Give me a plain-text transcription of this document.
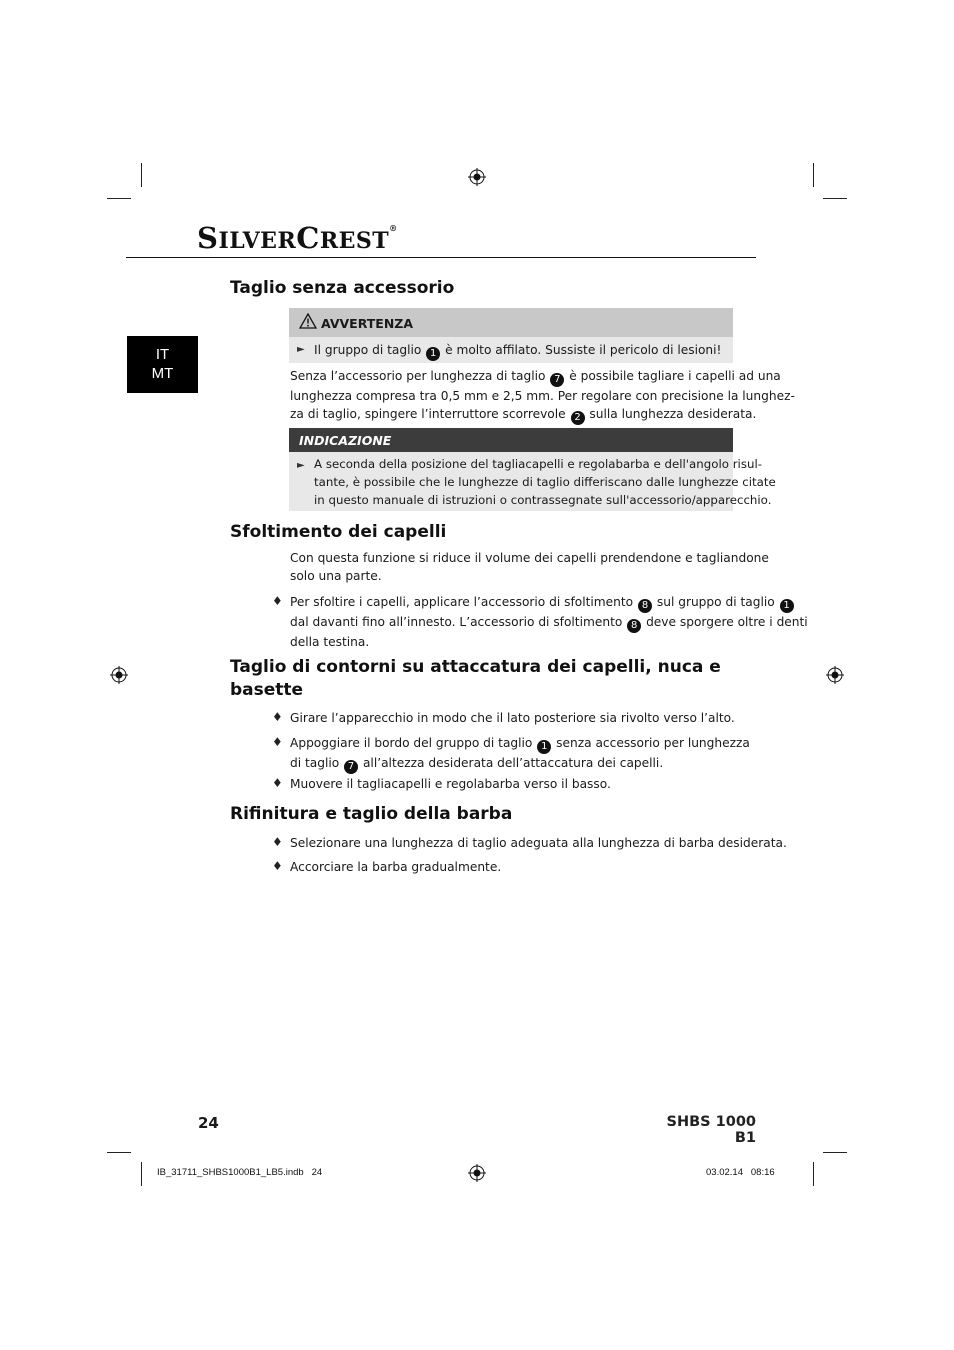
SILVERCREST®
IT
MT
Taglio senza accessorio
AVVERTENZA
► Il gruppo di taglio 1 è molto affilato. Sussiste il pericolo di lesioni!
Senza l’accessorio per lunghezza di taglio 7 è possibile tagliare i capelli ad una
lunghezza compresa tra 0,5 mm e 2,5 mm. Per regolare con precisione la lunghez-
za di taglio, spingere l’interruttore scorrevole 2 sulla lunghezza desiderata.
INDICAZIONE
► A seconda della posizione del tagliacapelli e regolabarba e dell'angolo risul-
tante, è possibile che le lunghezze di taglio differiscano dalle lunghezze citate
in questo manuale di istruzioni o contrassegnate sull'accessorio/apparecchio.
Sfoltimento dei capelli
Con questa funzione si riduce il volume dei capelli prendendone e tagliandone
solo una parte.
♦ Per sfoltire i capelli, applicare l’accessorio di sfoltimento 8 sul gruppo di taglio 1
dal davanti fino all’innesto. L’accessorio di sfoltimento 8 deve sporgere oltre i denti
della testina.
Taglio di contorni su attaccatura dei capelli, nuca e
basette
♦ Girare l’apparecchio in modo che il lato posteriore sia rivolto verso l’alto.
♦ Appoggiare il bordo del gruppo di taglio 1 senza accessorio per lunghezza
di taglio 7 all’altezza desiderata dell’attaccatura dei capelli.
♦ Muovere il tagliacapelli e regolabarba verso il basso.
Rifinitura e taglio della barba
♦ Selezionare una lunghezza di taglio adeguata alla lunghezza di barba desiderata.
♦ Accorciare la barba gradualmente.
24	SHBS 1000 B1
IB_31711_SHBS1000B1_LB5.indb   24	03.02.14   08:16
